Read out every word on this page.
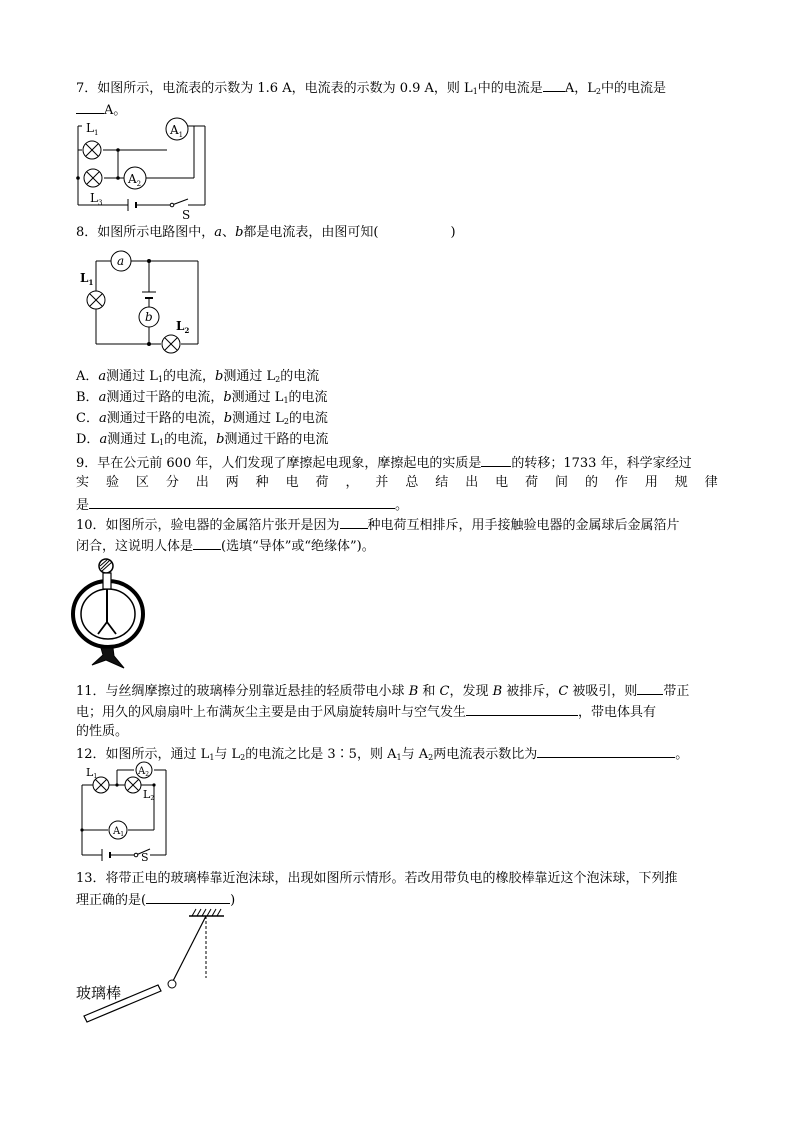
7．如图所示，电流表的示数为 1.6 A，电流表的示数为 0.9 A，则 $L_1$中的电流是 A，$L_2$中的电流是
A。
$L_1$	$A_1$
$A_2$
$L_3$
S
8．如图所示电路图中，a、b都是电流表，由图可知(	)
a
b
$L_1$
$L_2$
A．a测通过 $L_1$的电流，b测通过 $L_2$的电流
B．a测通过干路的电流，b测通过 $L_1$的电流
C．a测通过干路的电流，b测通过 $L_2$的电流
D．a测通过 $L_1$的电流，b测通过干路的电流
9．早在公元前 600 年，人们发现了摩擦起电现象，摩擦起电的实质是 的转移；1733 年，科学家经过
实 验 区 分 出 两 种 电 荷 ， 并 总 结 出 电 荷 间 的 作 用 规 律
是	。
10．如图所示，验电器的金属箔片张开是因为 种电荷互相排斥，用手接触验电器的金属球后金属箔片
闭合，这说明人体是 (选填“导体”或“绝缘体”)。
11．与丝绸摩擦过的玻璃棒分别靠近悬挂的轻质带电小球 B 和 C，发现 B 被排斥，C 被吸引，则 带正
电；用久的风扇扇叶上布满灰尘主要是由于风扇旋转扇叶与空气发生	，带电体具有
的性质。
12．如图所示，通过 $L_1$与 $L_2$的电流之比是 3∶5，则 $A_1$与 $A_2$两电流表示数比为	。
$A_2$
$A_1$
L1
L2
S
13．将带正电的玻璃棒靠近泡沫球，出现如图所示情形。若改用带负电的橡胶棒靠近这个泡沫球，下列推
理正确的是(	)
玻璃棒
